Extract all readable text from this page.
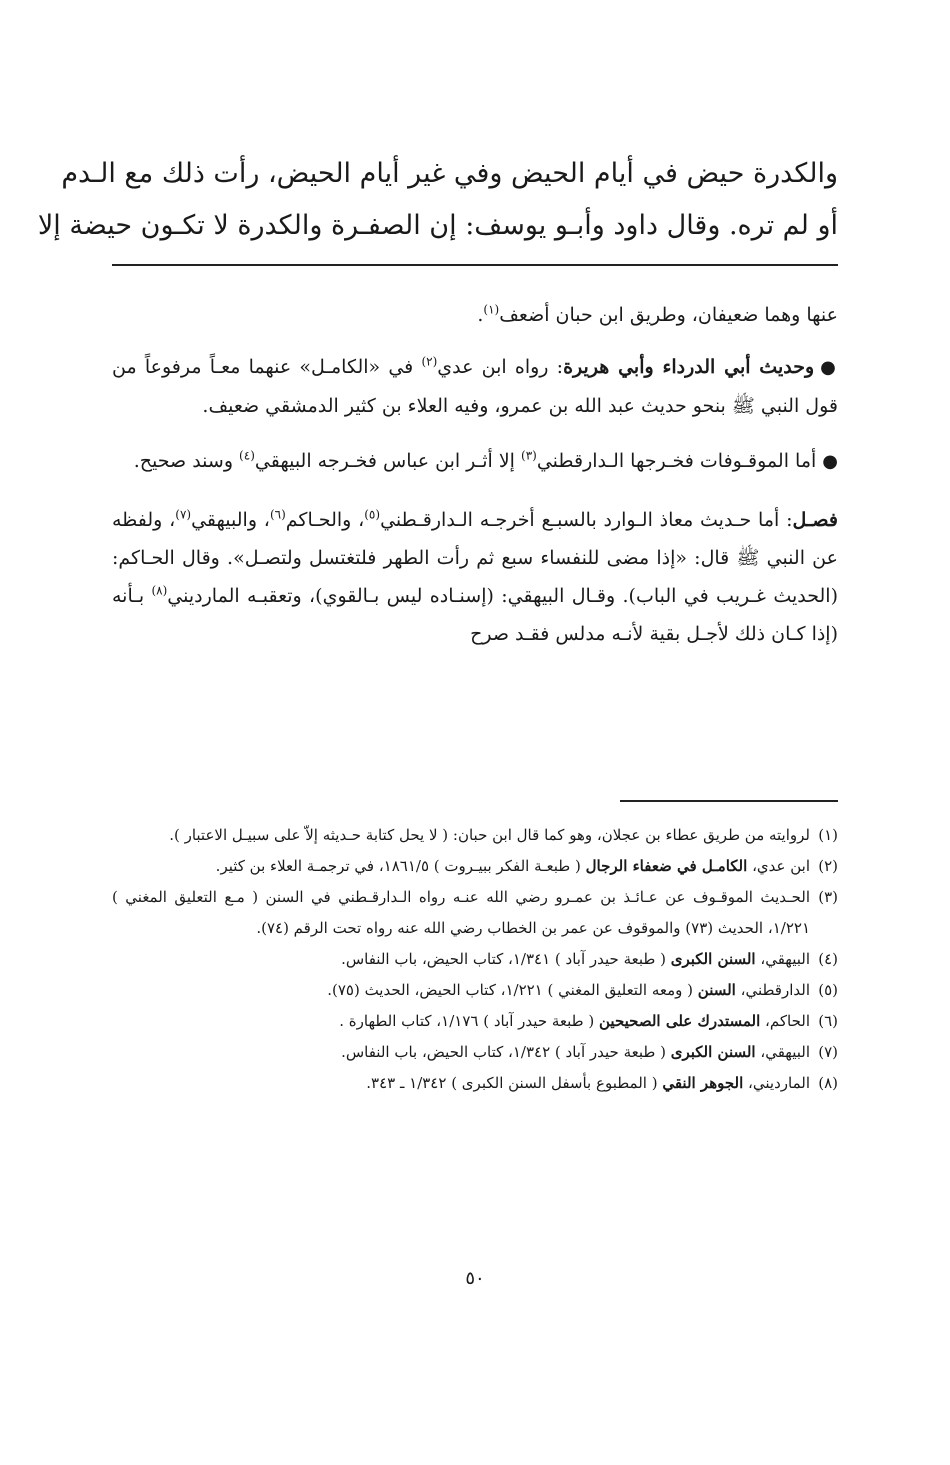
والكدرة حيض في أيام الحيض وفي غير أيام الحيض، رأت ذلك مع الـدم
أو لم تره. وقال داود وأبـو يوسف: إن الصفـرة والكدرة لا تكـون حيضة إلا

عنها وهما ضعيفان، وطريق ابن حبان أضعف$^{(١)}$.

●وحديث أبي الدرداء وأبي هريرة: رواه ابن عدي$^{(٢)}$ في «الكامـل» عنهما معـاً مرفوعاً من قول النبي ﷺ بنحو حديث عبد الله بن عمرو، وفيه العلاء بن كثير الدمشقي ضعيف.

●أما الموقـوفات فخـرجها الـدارقطني$^{(٣)}$ إلا أثـر ابن عباس فخـرجه البيهقي$^{(٤)}$ وسند صحيح.

فصـل: أما حـديث معاذ الـوارد بالسبـع أخرجـه الـدارقـطني$^{(٥)}$، والحـاكم$^{(٦)}$، والبيهقي$^{(٧)}$، ولفظه عن النبي ﷺ قال: «إذا مضى للنفساء سبع ثم رأت الطهر فلتغتسل ولتصـل». وقال الحـاكم: (الحديث غـريب في الباب). وقـال البيهقي: (إسنـاده ليس بـالقوي)، وتعقبـه المارديني$^{(٨)}$ بـأنه (إذا كـان ذلك لأجـل بقية لأنـه مدلس فقـد صرح

(١)لروايته من طريق عطاء بن عجلان، وهو كما قال ابن حبان: ( لا يحل كتابة حـديثه إلاّ على سبيـل الاعتبار ).

(٢)ابن عدي، الكامـل في ضعفاء الرجال ( طبعـة الفكر ببيـروت ) ١٨٦١/٥، في ترجمـة العلاء بن كثير.

(٣)الحـديث الموقـوف عن عـائـذ بن عمـرو رضي الله عنـه رواه الـدارقـطني في السنن ( مـع التعليق المغني ) ١/٢٢١، الحديث (٧٣) والموقوف عن عمر بن الخطاب رضي الله عنه رواه تحت الرقم (٧٤).

(٤)البيهقي، السنن الكبرى ( طبعة حيدر آباد ) ١/٣٤١، كتاب الحيض، باب النفاس.

(٥)الدارقطني، السنن ( ومعه التعليق المغني ) ١/٢٢١، كتاب الحيض، الحديث (٧٥).

(٦)الحاكم، المستدرك على الصحيحين ( طبعة حيدر آباد ) ١/١٧٦، كتاب الطهارة .

(٧)البيهقي، السنن الكبرى ( طبعة حيدر آباد ) ١/٣٤٢، كتاب الحيض، باب النفاس.

(٨)المارديني، الجوهر النقي ( المطبوع بأسفل السنن الكبرى ) ١/٣٤٢ ـ ٣٤٣.

٥٠
